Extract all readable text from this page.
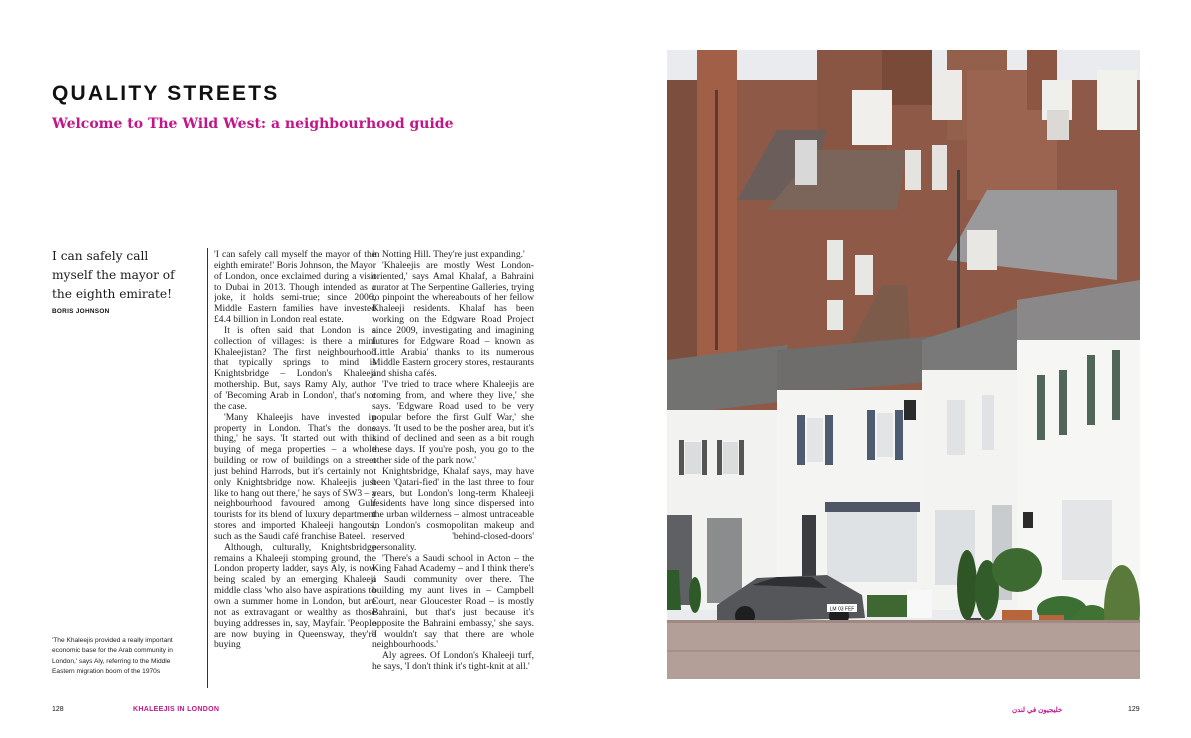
QUALITY STREETS
Welcome to The Wild West: a neighbourhood guide

I can safely call myself the mayor of the eighth emirate!

BORIS JOHNSON

'The Khaleejis provided a really important economic base for the Arab community in London,' says Aly, referring to the Middle Eastern migration boom of the 1970s

'I can safely call myself the mayor of the eighth emirate!' Boris Johnson, the Mayor of London, once exclaimed during a visit to Dubai in 2013. Though intended as a joke, it holds semi-true; since 2006, Middle Eastern families have invested £4.4 billion in London real estate.

It is often said that London is a collection of villages: is there a mini Khaleejistan? The first neighbourhood that typically springs to mind is Knightsbridge – London's Khaleeji mothership. But, says Ramy Aly, author of 'Becoming Arab in London', that's not the case.

'Many Khaleejis have invested in property in London. That's the done thing,' he says. 'It started out with this buying of mega properties – a whole building or row of buildings on a street just behind Harrods, but it's certainly not only Knightsbridge now. Khaleejis just like to hang out there,' he says of SW3 – a neighbourhood favoured among Gulf tourists for its blend of luxury department stores and imported Khaleeji hangouts, such as the Saudi café franchise Bateel.

Although, culturally, Knightsbridge remains a Khaleeji stomping ground, the London property ladder, says Aly, is now being scaled by an emerging Khaleeji middle class 'who also have aspirations to own a summer home in London, but are not as extravagant or wealthy as those buying addresses in, say, Mayfair. 'People are now buying in Queensway, they're buying

in Notting Hill. They're just expanding.'

'Khaleejis are mostly West London-oriented,' says Amal Khalaf, a Bahraini curator at The Serpentine Galleries, trying to pinpoint the whereabouts of her fellow Khaleeji residents. Khalaf has been working on the Edgware Road Project since 2009, investigating and imagining futures for Edgware Road – known as 'Little Arabia' thanks to its numerous Middle Eastern grocery stores, restaurants and shisha cafés.

'I've tried to trace where Khaleejis are coming from, and where they live,' she says. 'Edgware Road used to be very popular before the first Gulf War,' she says. 'It used to be the posher area, but it's kind of declined and seen as a bit rough these days. If you're posh, you go to the other side of the park now.'

Knightsbridge, Khalaf says, may have been 'Qatari-fied' in the last three to four years, but London's long-term Khaleeji residents have long since dispersed into the urban wilderness – almost untraceable in London's cosmopolitan makeup and reserved 'behind-closed-doors' personality.

'There's a Saudi school in Acton – the King Fahad Academy – and I think there's a Saudi community over there. The building my aunt lives in – Campbell Court, near Gloucester Road – is mostly Bahraini, but that's just because it's opposite the Bahraini embassy,' she says. 'I wouldn't say that there are whole neighbourhoods.'

Aly agrees. Of London's Khaleeji turf, he says, 'I don't think it's tight-knit at all.'

128	KHALEEJIS IN LONDON
LM 03 FEF
خليجيون في لندن	129
